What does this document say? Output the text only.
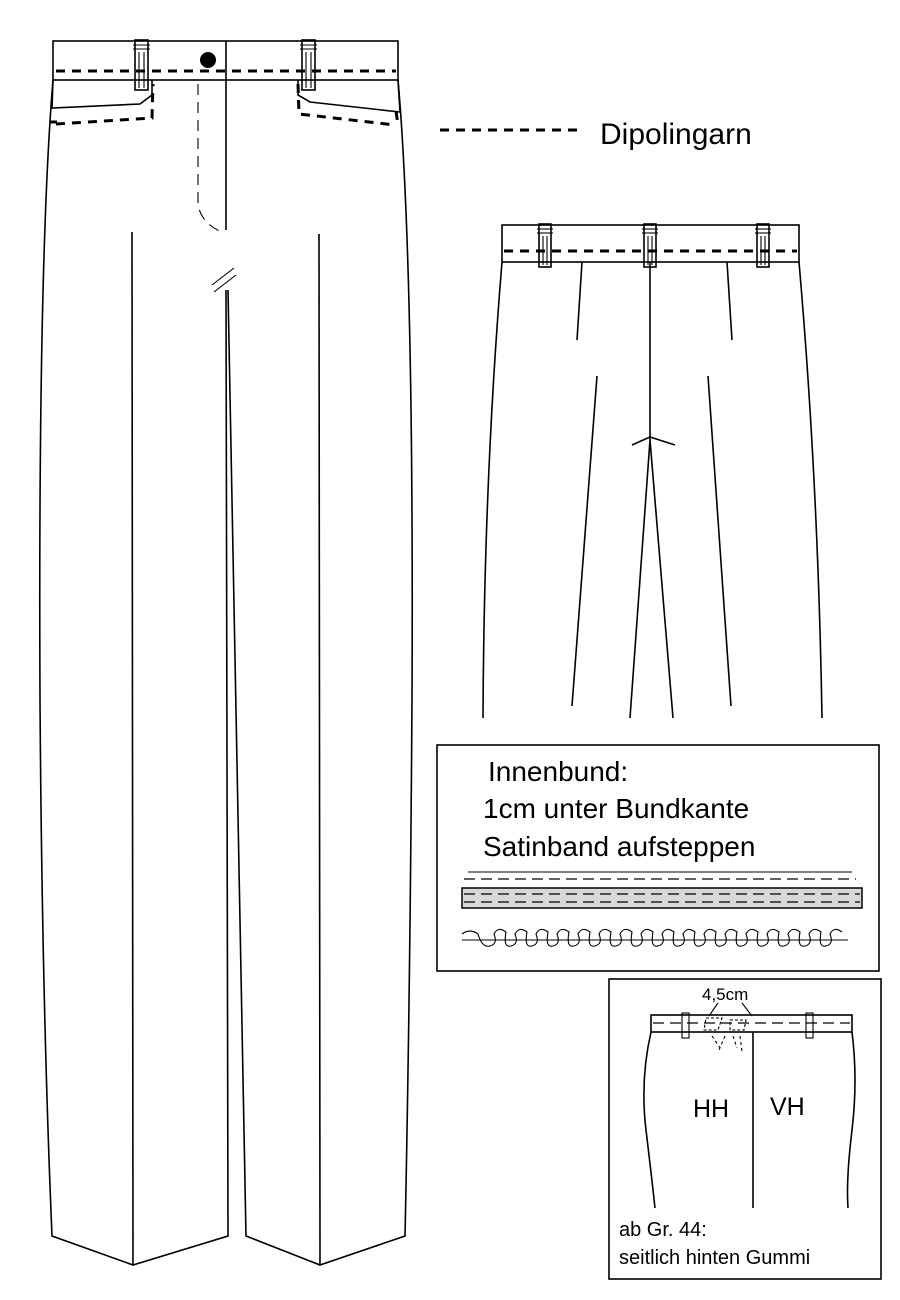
Dipolingarn
Innenbund:
1cm unter Bundkante
Satinband aufsteppen
4,5cm
HH VH
ab Gr. 44:
seitlich hinten Gummi
